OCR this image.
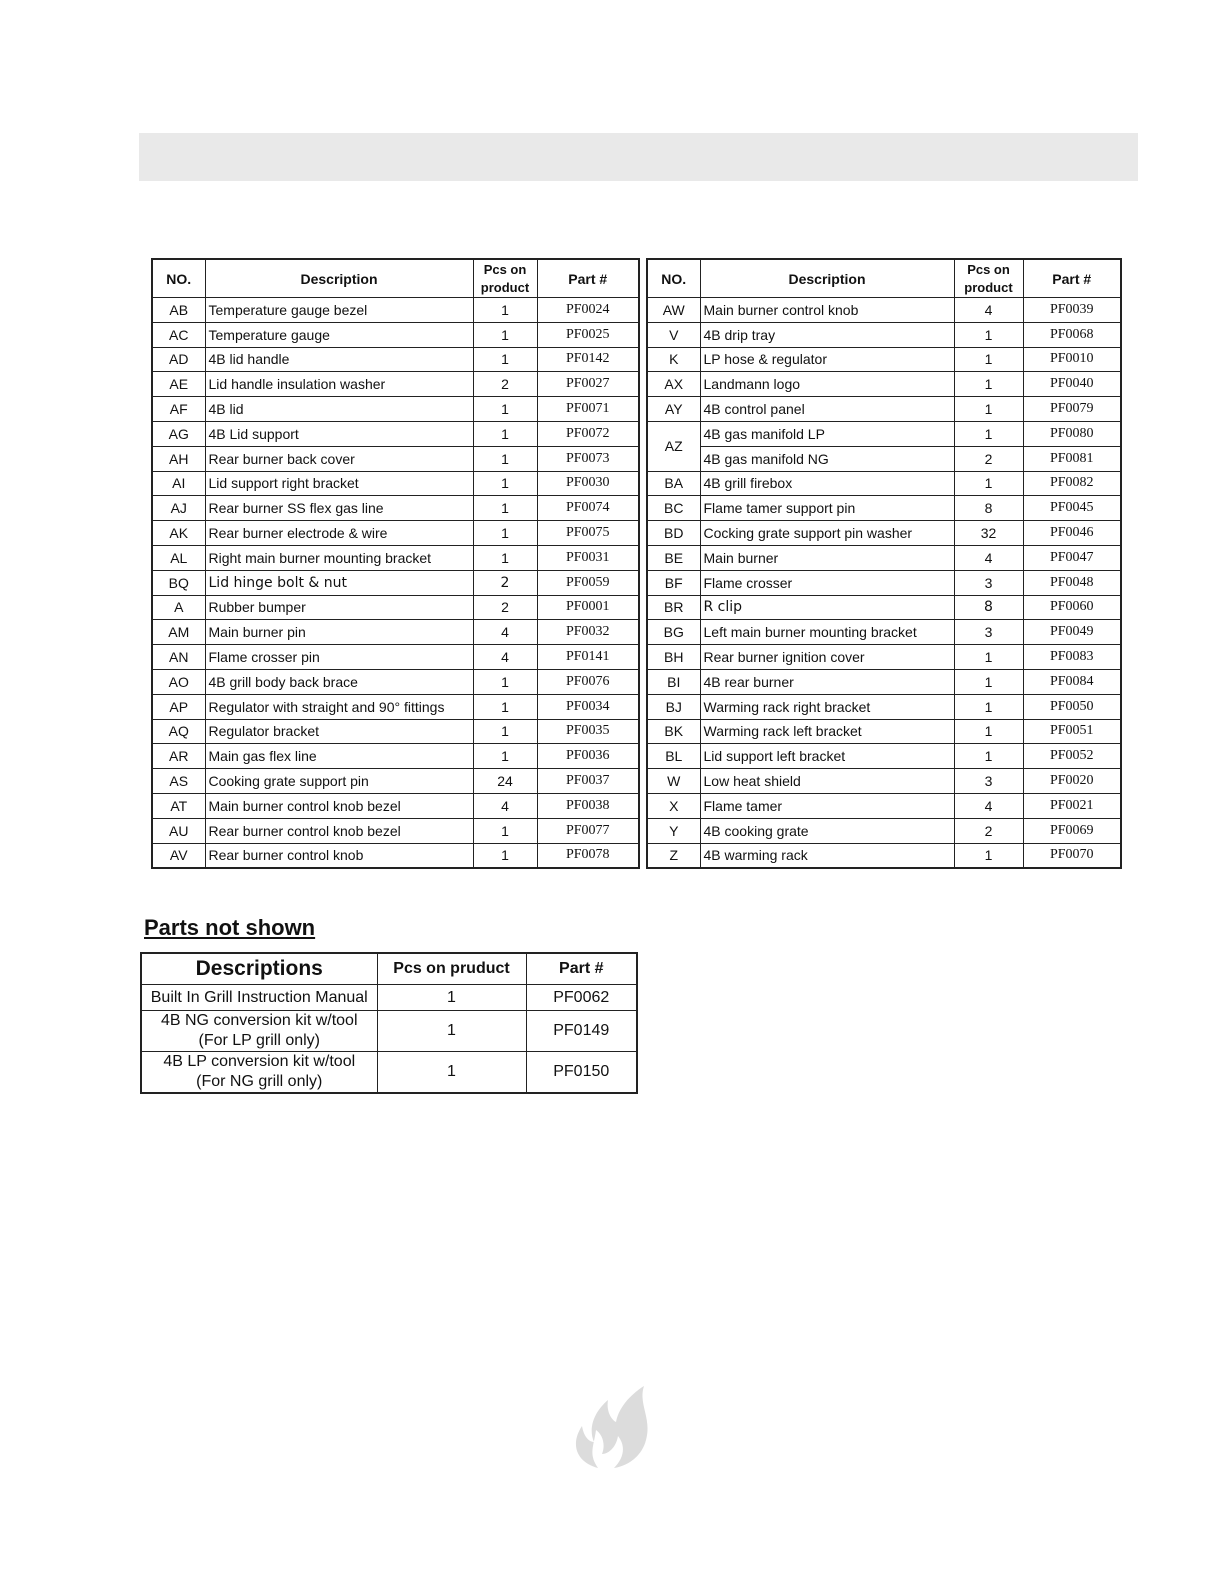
NO.	Description	Pcs on
product	Part #
AB	Temperature gauge bezel	1	PF0024
AC	Temperature gauge	1	PF0025
AD	4B lid handle	1	PF0142
AE	Lid handle insulation washer	2	PF0027
AF	4B lid	1	PF0071
AG	4B Lid support	1	PF0072
AH	Rear burner back cover	1	PF0073
AI	Lid support right bracket	1	PF0030
AJ	Rear burner SS flex gas line	1	PF0074
AK	Rear burner electrode & wire	1	PF0075
AL	Right main burner mounting bracket	1	PF0031
BQ	Lid hinge bolt & nut	2	PF0059
A	Rubber bumper	2	PF0001
AM	Main burner pin	4	PF0032
AN	Flame crosser pin	4	PF0141
AO	4B grill body back brace	1	PF0076
AP	Regulator with straight and 90° fittings	1	PF0034
AQ	Regulator bracket	1	PF0035
AR	Main gas flex line	1	PF0036
AS	Cooking grate support pin	24	PF0037
AT	Main burner control knob bezel	4	PF0038
AU	Rear burner control knob bezel	1	PF0077
AV	Rear burner control knob	1	PF0078
NO.	Description	Pcs on
product	Part #
AW	Main burner control knob	4	PF0039
V	4B drip tray	1	PF0068
K	LP hose & regulator	1	PF0010
AX	Landmann logo	1	PF0040
AY	4B control panel	1	PF0079
AZ	4B gas manifold LP	1	PF0080
	4B gas manifold NG	2	PF0081
BA	4B grill firebox	1	PF0082
BC	Flame tamer support pin	8	PF0045
BD	Cocking grate support pin washer	32	PF0046
BE	Main burner	4	PF0047
BF	Flame crosser	3	PF0048
BR	R clip	8	PF0060
BG	Left main burner mounting bracket	3	PF0049
BH	Rear burner ignition cover	1	PF0083
BI	4B rear burner	1	PF0084
BJ	Warming rack right bracket	1	PF0050
BK	Warming rack left bracket	1	PF0051
BL	Lid support left bracket	1	PF0052
W	Low heat shield	3	PF0020
X	Flame tamer	4	PF0021
Y	4B cooking grate	2	PF0069
Z	4B warming rack	1	PF0070
Parts not shown
Descriptions	Pcs on pruduct	Part #
Built In Grill Instruction Manual	1	PF0062
4B NG conversion kit w/tool
(For LP grill only)	1	PF0149
4B LP conversion kit w/tool
(For NG grill only)	1	PF0150
